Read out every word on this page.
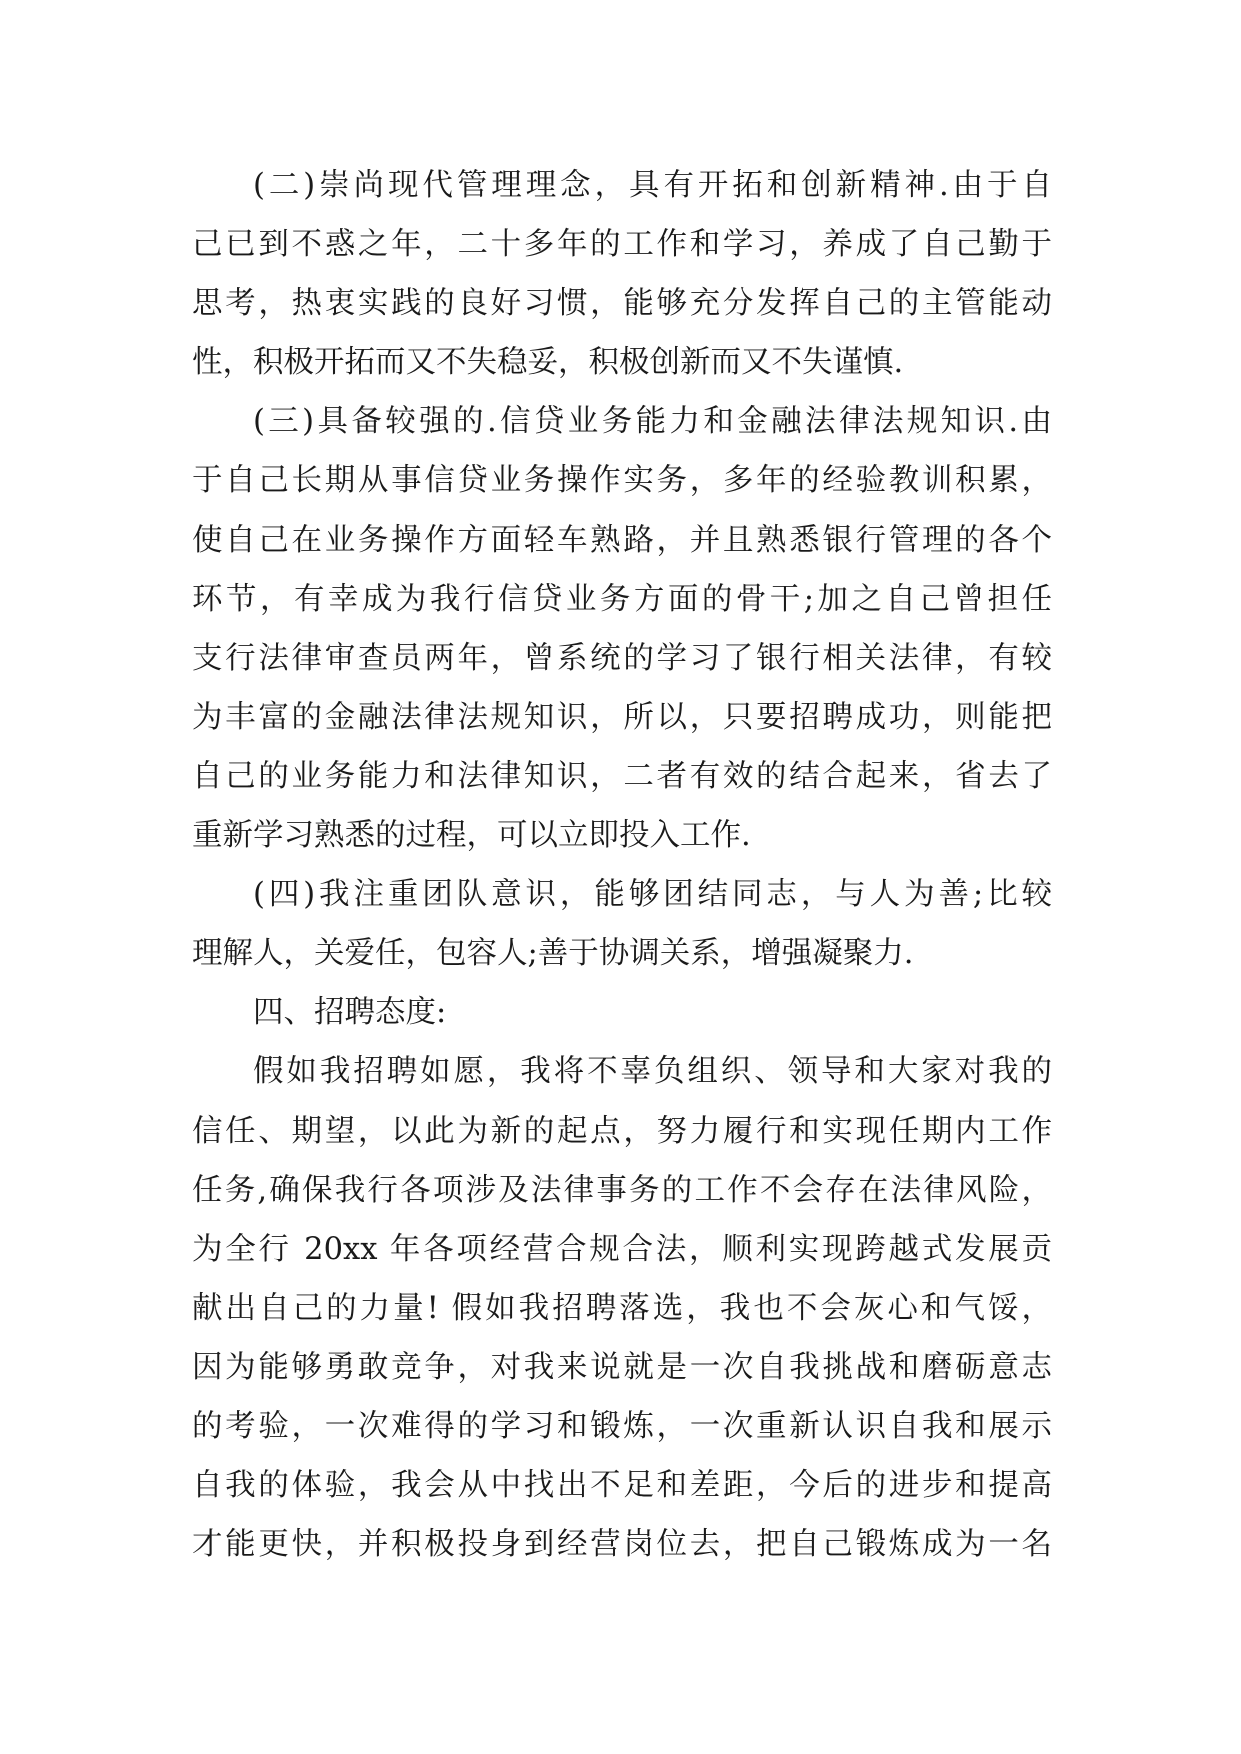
(二)崇尚现代管理理念，具有开拓和创新精神.由于自
己已到不惑之年，二十多年的工作和学习，养成了自己勤于
思考，热衷实践的良好习惯，能够充分发挥自己的主管能动
性，积极开拓而又不失稳妥，积极创新而又不失谨慎.
(三)具备较强的.信贷业务能力和金融法律法规知识.由
于自己长期从事信贷业务操作实务，多年的经验教训积累，
使自己在业务操作方面轻车熟路，并且熟悉银行管理的各个
环节，有幸成为我行信贷业务方面的骨干;加之自己曾担任
支行法律审查员两年，曾系统的学习了银行相关法律，有较
为丰富的金融法律法规知识，所以，只要招聘成功，则能把
自己的业务能力和法律知识，二者有效的结合起来，省去了
重新学习熟悉的过程，可以立即投入工作.
(四)我注重团队意识，能够团结同志，与人为善;比较
理解人，关爱任，包容人;善于协调关系，增强凝聚力.
四、招聘态度:
假如我招聘如愿，我将不辜负组织、领导和大家对我的
信任、期望，以此为新的起点，努力履行和实现任期内工作
任务,确保我行各项涉及法律事务的工作不会存在法律风险，
为全行 20xx 年各项经营合规合法，顺利实现跨越式发展贡
献出自己的力量! 假如我招聘落选，我也不会灰心和气馁，
因为能够勇敢竞争，对我来说就是一次自我挑战和磨砺意志
的考验，一次难得的学习和锻炼，一次重新认识自我和展示
自我的体验，我会从中找出不足和差距，今后的进步和提高
才能更快，并积极投身到经营岗位去，把自己锻炼成为一名
